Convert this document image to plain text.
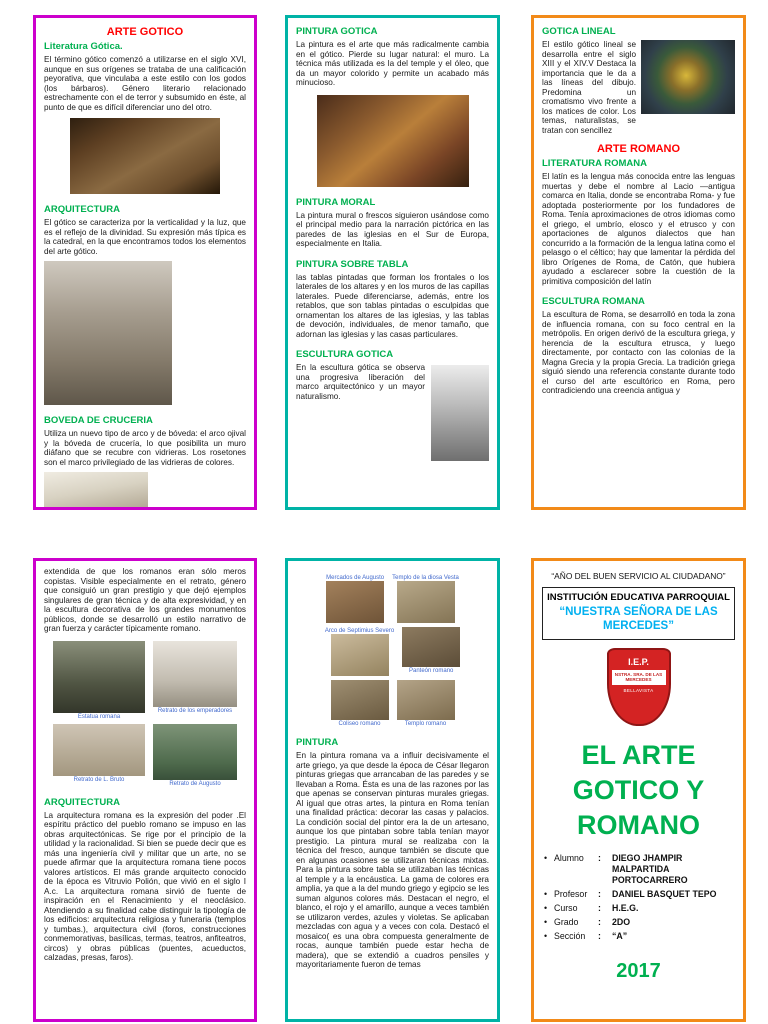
ARTE GOTICO
Literatura Gótica.
El término gótico comenzó a utilizarse en el siglo XVI, aunque en sus orígenes se trataba de una calificación peyorativa, que vinculaba a este estilo con los godos (los bárbaros). Género literario relacionado estrechamente con el de terror y subsumido en éste, al punto de que es difícil diferenciar uno del otro.
ARQUITECTURA
El gótico se caracteriza por la verticalidad y la luz, que es el reflejo de la divinidad. Su expresión más típica es la catedral, en la que encontramos todos los elementos del arte gótico.
BOVEDA DE CRUCERIA
Utiliza un nuevo tipo de arco y de bóveda: el arco ojival y la bóveda de crucería, lo que posibilita un muro diáfano que se recubre con vidrieras. Los rosetones son el marco privilegiado de las vidrieras de colores.
PINTURA GOTICA
La pintura es el arte que más radicalmente cambia en el gótico. Pierde su lugar natural: el muro. La técnica más utilizada es la del temple y el óleo, que da un mayor colorido y permite un acabado más minucioso.
PINTURA MORAL
La pintura mural o frescos siguieron usándose como el principal medio para la narración pictórica en las paredes de las iglesias en el Sur de Europa, especialmente en Italia.
PINTURA SOBRE TABLA
las tablas pintadas que forman los frontales o los laterales de los altares y en los muros de las capillas laterales. Puede diferenciarse, además, entre los retablos, que son tablas pintadas o esculpidas que ornamentan los altares de las iglesias, y las tablas de devoción, individuales, de menor tamaño, que adornan las iglesias y las casas particulares.
ESCULTURA GOTICA
En la escultura gótica se observa una progresiva liberación del marco arquitectónico y un mayor naturalismo.
GOTICA LINEAL
El estilo gótico lineal se desarrolla entre el siglo XIII y el XIV.V Destaca la importancia que le da a las líneas del dibujo. Predomina un cromatismo vivo frente a los matices de color. Los temas, naturalistas, se tratan con sencillez
ARTE ROMANO
LITERATURA ROMANA
El latín es la lengua más conocida entre las lenguas muertas y debe el nombre al Lacio —antigua comarca en Italia, donde se encontraba Roma- y fue adoptada posteriormente por los fundadores de Roma. Tenía aproximaciones de otros idiomas como el griego, el umbrío, elosco y el etrusco y con aportaciones de algunos dialectos que han concurrido a la formación de la lengua latina como el pelasgo o el céltico; hay que lamentar la pérdida del libro Orígenes de Roma, de Catón, que hubiera ayudado a esclarecer sobre la cuestión de la primitiva composición del latín
ESCULTURA ROMANA
La escultura de Roma, se desarrolló en toda la zona de influencia romana, con su foco central en la metrópolis. En origen derivó de la escultura griega, y herencia de la escultura etrusca, y luego directamente, por contacto con las colonias de la Magna Grecia y la propia Grecia. La tradición griega siguió siendo una referencia constante durante todo el curso del arte escultórico en Roma, pero contradiciendo una creencia antigua y
extendida de que los romanos eran sólo meros copistas. Visible especialmente en el retrato, género que consiguió un gran prestigio y que dejó ejemplos singulares de gran técnica y de alta expresividad, y en la escultura decorativa de los grandes monumentos públicos, donde se desarrolló un estilo narrativo de gran fuerza y carácter típicamente romano.
Estatua romana
Retrato de los emperadores
Retrato de L. Bruto
Retrato de Augusto
ARQUITECTURA
La arquitectura romana es la expresión del poder .El espíritu práctico del pueblo romano se impuso en las obras arquitectónicas. Se rige por el principio de la utilidad y la racionalidad. Si bien se puede decir que es más una ingeniería civil y militar que un arte, no se puede afirmar que la arquitectura romana tiene pocos valores artísticos. El más grande arquitecto conocido de la época es Vitruvio Polión, que vivió en el siglo I A.c. La arquitectura romana sirvió de fuente de inspiración en el Renacimiento y el neoclásico. Atendiendo a su finalidad cabe distinguir la tipología de los edificios: arquitectura religiosa y funeraria (templos y tumbas.), arquitectura civil (foros, construcciones conmemorativas, basílicas, termas, teatros, anfiteatros, circos) y obras públicas (puentes, acueductos, calzadas, presas, faros).
Mercados de Augusto Templo de la diosa Vesta
Arco de Septimius Severo
Panteón romano
Coliseo romano	Templo romano
PINTURA
En la pintura romana va a influir decisivamente el arte griego, ya que desde la época de César llegaron pinturas griegas que arrancaban de las paredes y se llevaban a Roma. Ésta es una de las razones por las que apenas se conservan pinturas murales griegas. Al igual que otras artes, la pintura en Roma tenían una finalidad práctica: decorar las casas y palacios. La condición social del pintor era la de un artesano, aunque los que pintaban sobre tabla tenían mayor prestigio. La pintura mural se realizaba con la técnica del fresco, aunque también se discute que en algunas ocasiones se utilizaran técnicas mixtas. Para la pintura sobre tabla se utilizaban las técnicas al temple y a la encáustica. La gama de colores era amplia, ya que a la del mundo griego y egipcio se les suman algunos colores más. Destacan el negro, el blanco, el rojo y el amarillo, aunque a veces también se utilizaron verdes, azules y violetas. Se aplicaban mezcladas con agua y a veces con cola. Destacó el mosaico( es una obra compuesta generalmente de rocas, aunque también puede estar hecha de madera), que se extendió a cuadros pensiles y mayoritariamente fueron de temas
“AÑO DEL BUEN SERVICIO AL CIUDADANO”
INSTITUCIÓN EDUCATIVA PARROQUIAL
“NUESTRA SEÑORA DE LAS MERCEDES”
I.E.P.
NSTRA. SRA. DE LAS MERCEDES
BELLAVISTA
EL ARTE
GOTICO Y
ROMANO
• Alumno	:	DIEGO JHAMPIR MALPARTIDA PORTOCARRERO
• Profesor	:	DANIEL BASQUET TEPO
• Curso	:	H.E.G.
• Grado	:	2DO
• Sección	:	“A”
2017
